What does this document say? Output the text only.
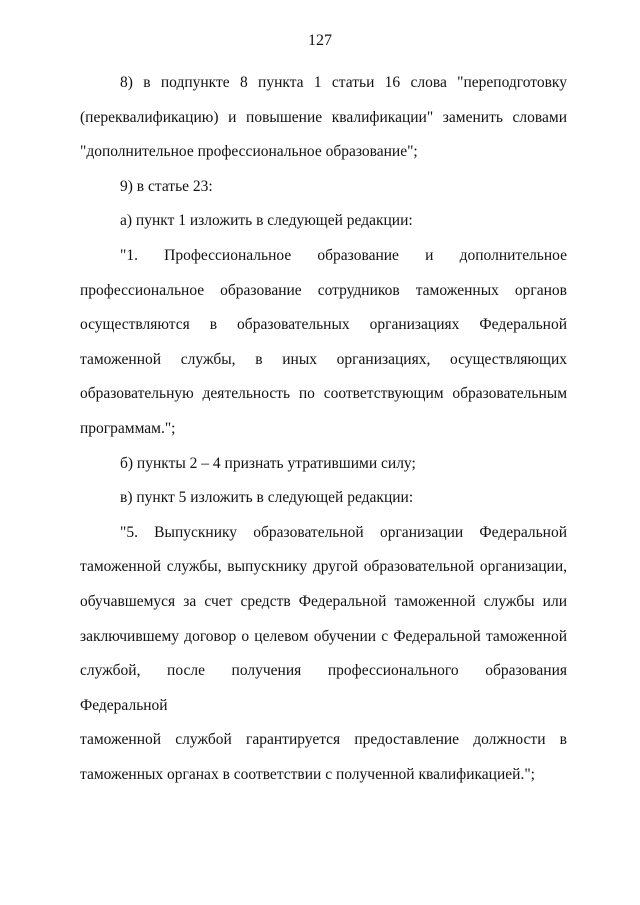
127

8) в подпункте 8 пункта 1 статьи 16 слова "переподготовку

(переквалификацию) и повышение квалификации" заменить словами

"дополнительное профессиональное образование";

9) в статье 23:

а) пункт 1 изложить в следующей редакции:

"1. Профессиональное образование и дополнительное

профессиональное образование сотрудников таможенных органов

осуществляются в образовательных организациях Федеральной

таможенной службы, в иных организациях, осуществляющих

образовательную деятельность по соответствующим образовательным

программам.";

б) пункты 2 – 4 признать утратившими силу;

в) пункт 5 изложить в следующей редакции:

"5. Выпускнику образовательной организации Федеральной

таможенной службы, выпускнику другой образовательной организации,

обучавшемуся за счет средств Федеральной таможенной службы или

заключившему договор о целевом обучении с Федеральной таможенной

службой, после получения профессионального образования Федеральной

таможенной службой гарантируется предоставление должности в

таможенных органах в соответствии с полученной квалификацией.";
